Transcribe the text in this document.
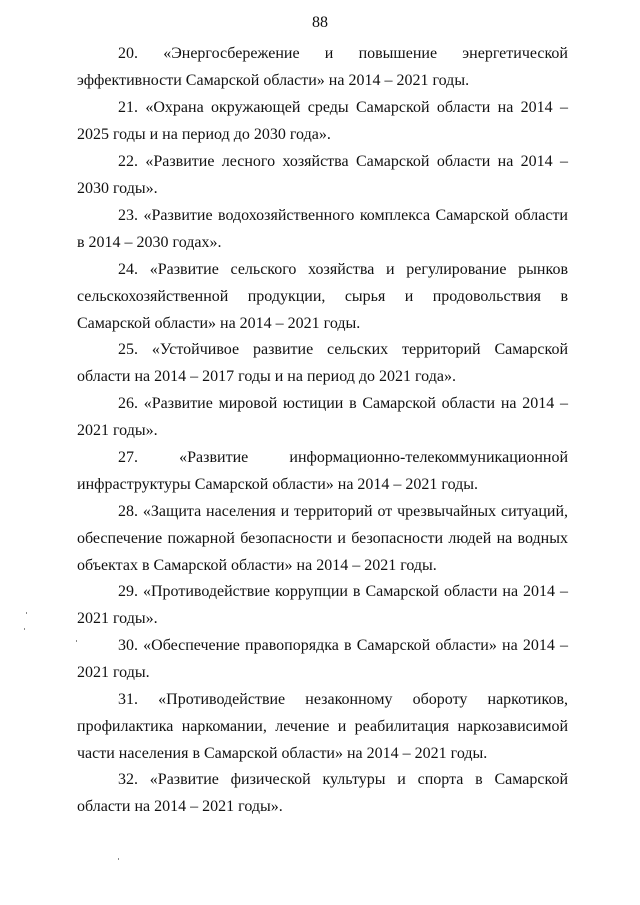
88
20. «Энергосбережение и повышение энергетической эффективности Самарской области» на 2014 – 2021 годы.
21. «Охрана окружающей среды Самарской области на 2014 – 2025 годы и на период до 2030 года».
22. «Развитие лесного хозяйства Самарской области на 2014 – 2030 годы».
23. «Развитие водохозяйственного комплекса Самарской области в 2014 – 2030 годах».
24. «Развитие сельского хозяйства и регулирование рынков сельскохозяйственной продукции, сырья и продовольствия в Самарской области» на 2014 – 2021 годы.
25. «Устойчивое развитие сельских территорий Самарской области на 2014 – 2017 годы и на период до 2021 года».
26. «Развитие мировой юстиции в Самарской области на 2014 – 2021 годы».
27.	«Развитие информационно-телекоммуникационной инфраструктуры Самарской области» на 2014 – 2021 годы.
28. «Защита населения и территорий от чрезвычайных ситуаций, обеспечение пожарной безопасности и безопасности людей на водных объектах в Самарской области» на 2014 – 2021 годы.
29. «Противодействие коррупции в Самарской области на 2014 – 2021 годы».
30. «Обеспечение правопорядка в Самарской области» на 2014 – 2021 годы.
31. «Противодействие незаконному обороту наркотиков, профилактика наркомании, лечение и реабилитация наркозависимой части населения в Самарской области» на 2014 – 2021 годы.
32. «Развитие физической культуры и спорта в Самарской области на 2014 – 2021 годы».
